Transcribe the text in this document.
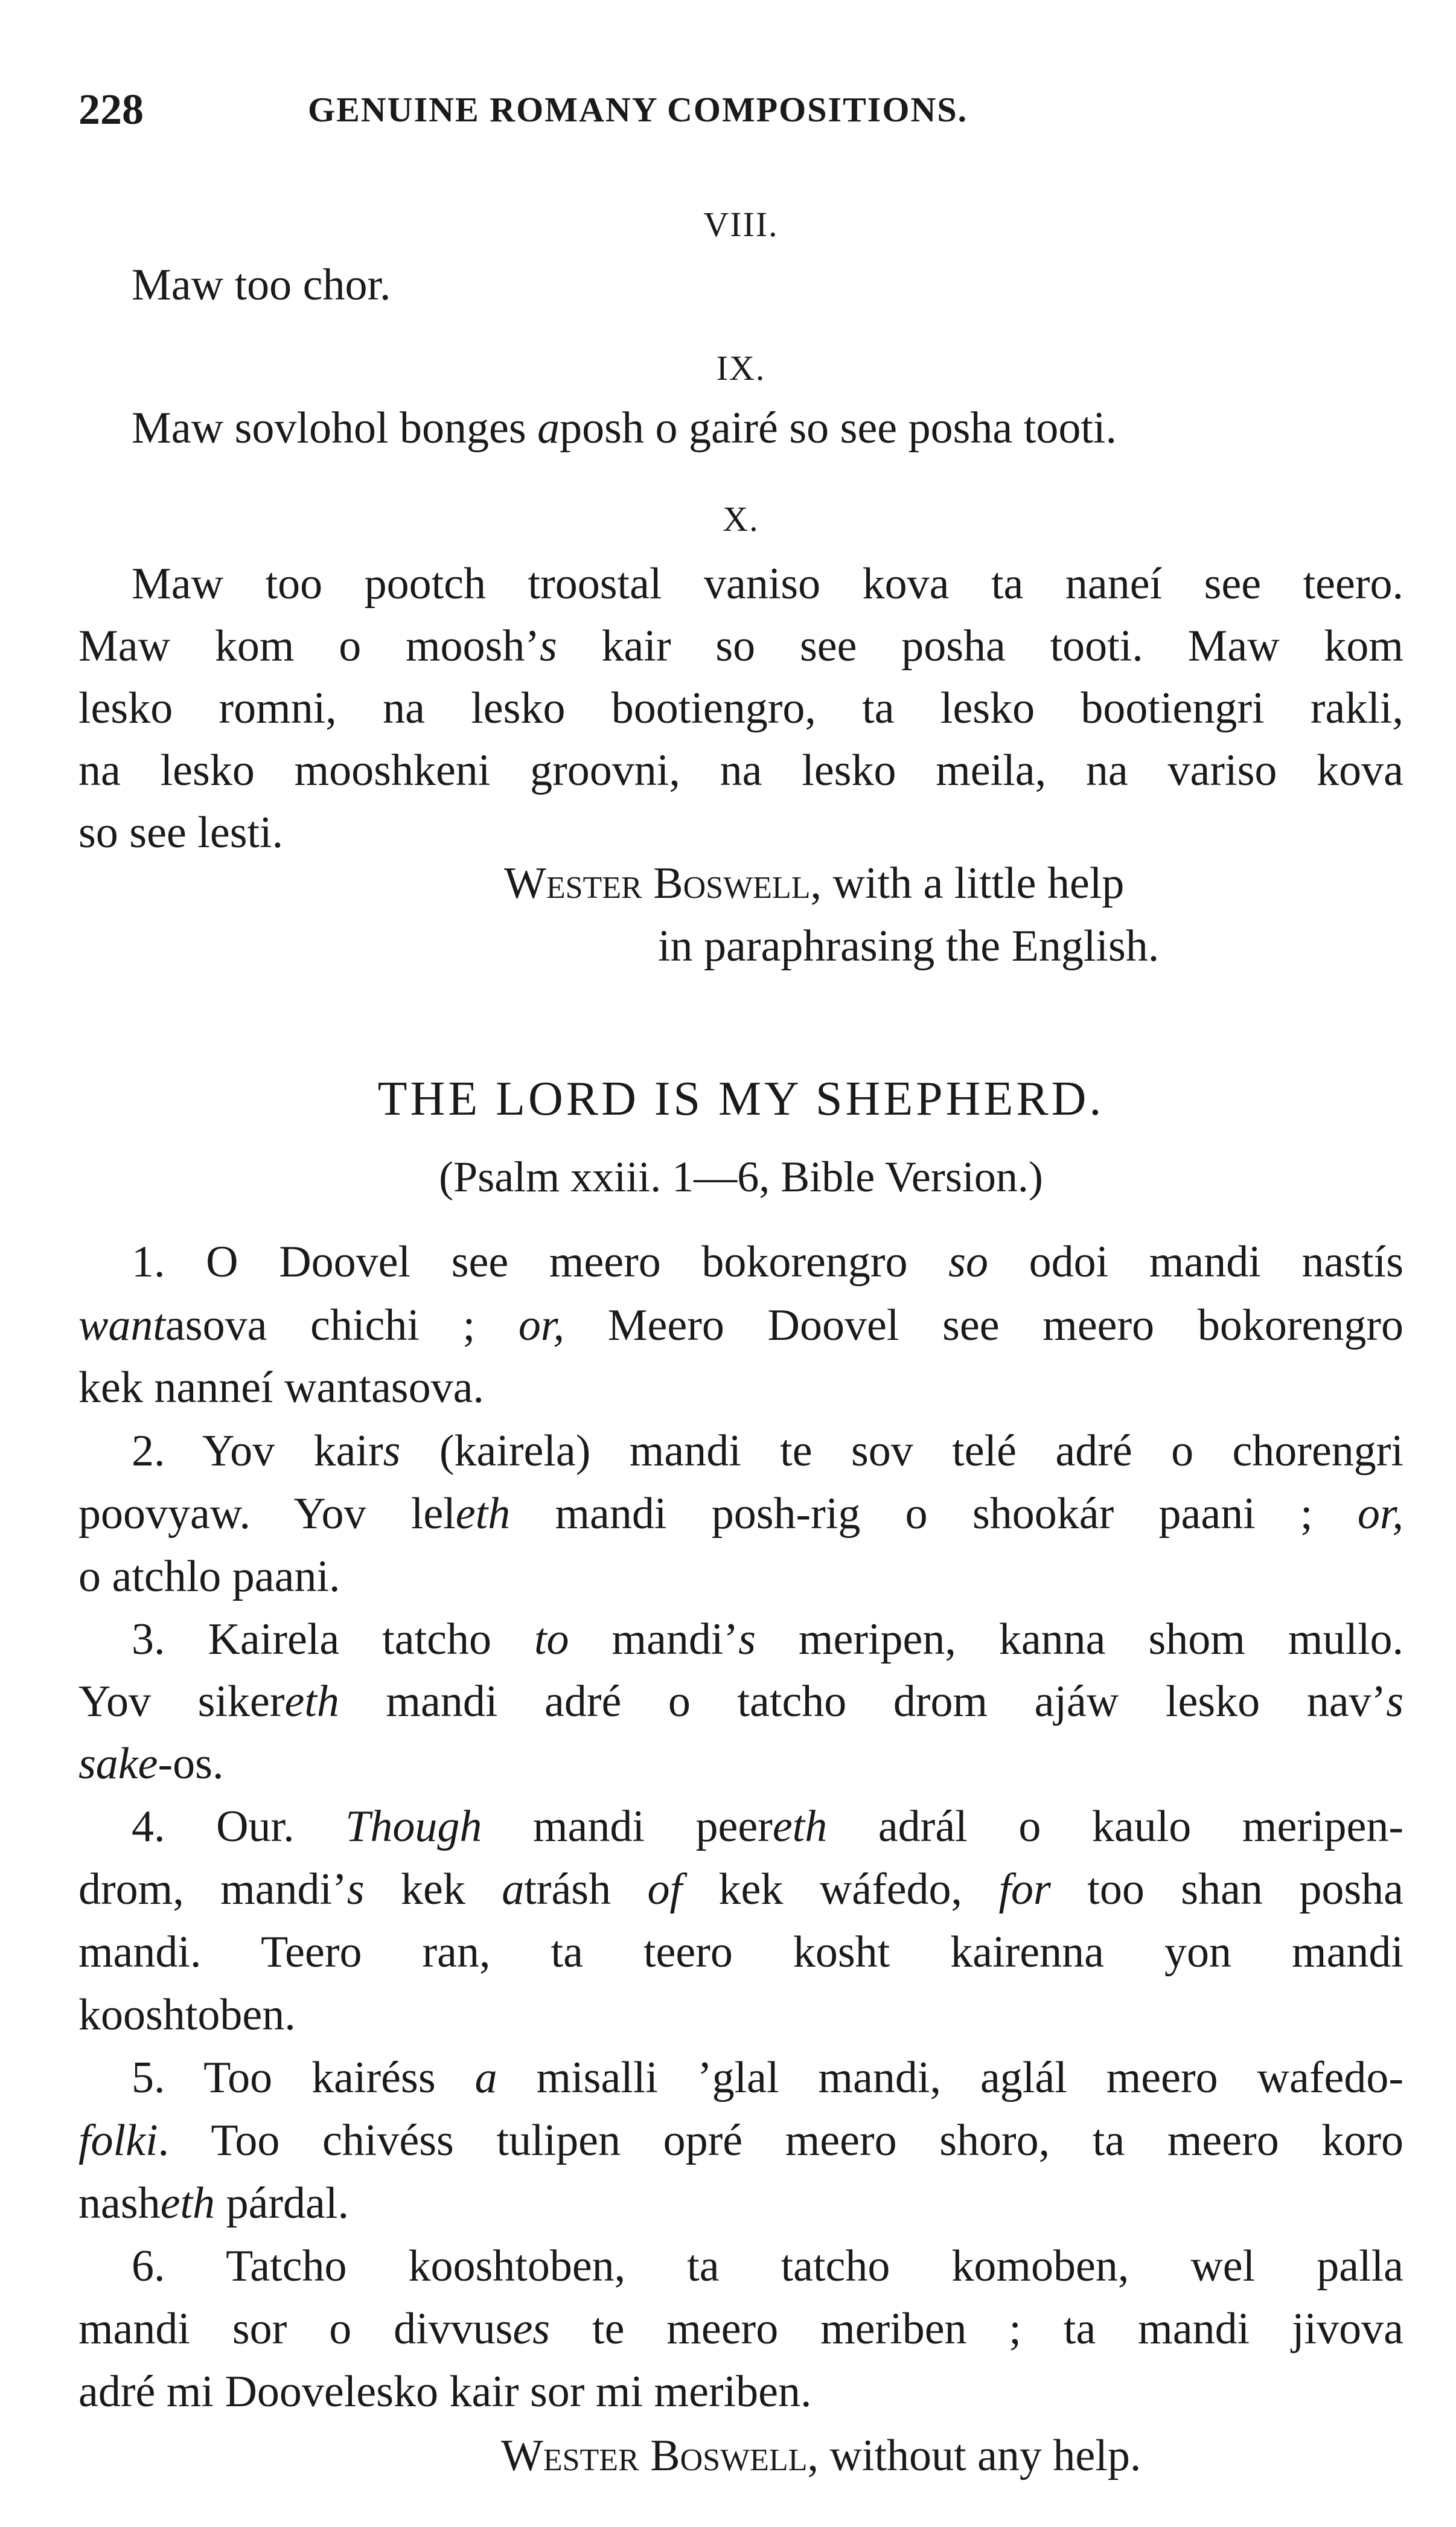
228	GENUINE ROMANY COMPOSITIONS.
VIII.
Maw too chor.
IX.
Maw sovlohol bonges aposh o gairé so see posha tooti.
X.
Maw too pootch troostal vaniso kova ta naneí see teero.
Maw kom o moosh’s kair so see posha tooti. Maw kom
lesko romni, na lesko bootiengro, ta lesko bootiengri rakli,
na lesko mooshkeni groovni, na lesko meila, na variso kova
so see lesti.
Wester Boswell, with a little help
in paraphrasing the English.
THE LORD IS MY SHEPHERD.
(Psalm xxiii. 1—6, Bible Version.)
1. O Doovel see meero bokorengro so odoi mandi nastís
wantasova chichi ; or, Meero Doovel see meero bokorengro
kek nanneí wantasova.
2. Yov kairs (kairela) mandi te sov telé adré o chorengri
poovyaw. Yov leleth mandi posh-rig o shookár paani ; or,
o atchlo paani.
3. Kairela tatcho to mandi’s meripen, kanna shom mullo.
Yov sikereth mandi adré o tatcho drom ajáw lesko nav’s
sake-os.
4. Our. Though mandi peereth adrál o kaulo meripen-
drom, mandi’s kek atrásh of kek wáfedo, for too shan posha
mandi. Teero ran, ta teero kosht kairenna yon mandi
kooshtoben.
5. Too kairéss a misalli ’glal mandi, aglál meero wafedo-
folki. Too chivéss tulipen opré meero shoro, ta meero koro
nasheth párdal.
6. Tatcho kooshtoben, ta tatcho komoben, wel palla
mandi sor o divvuses te meero meriben ; ta mandi jivova
adré mi Doovelesko kair sor mi meriben.
Wester Boswell, without any help.
